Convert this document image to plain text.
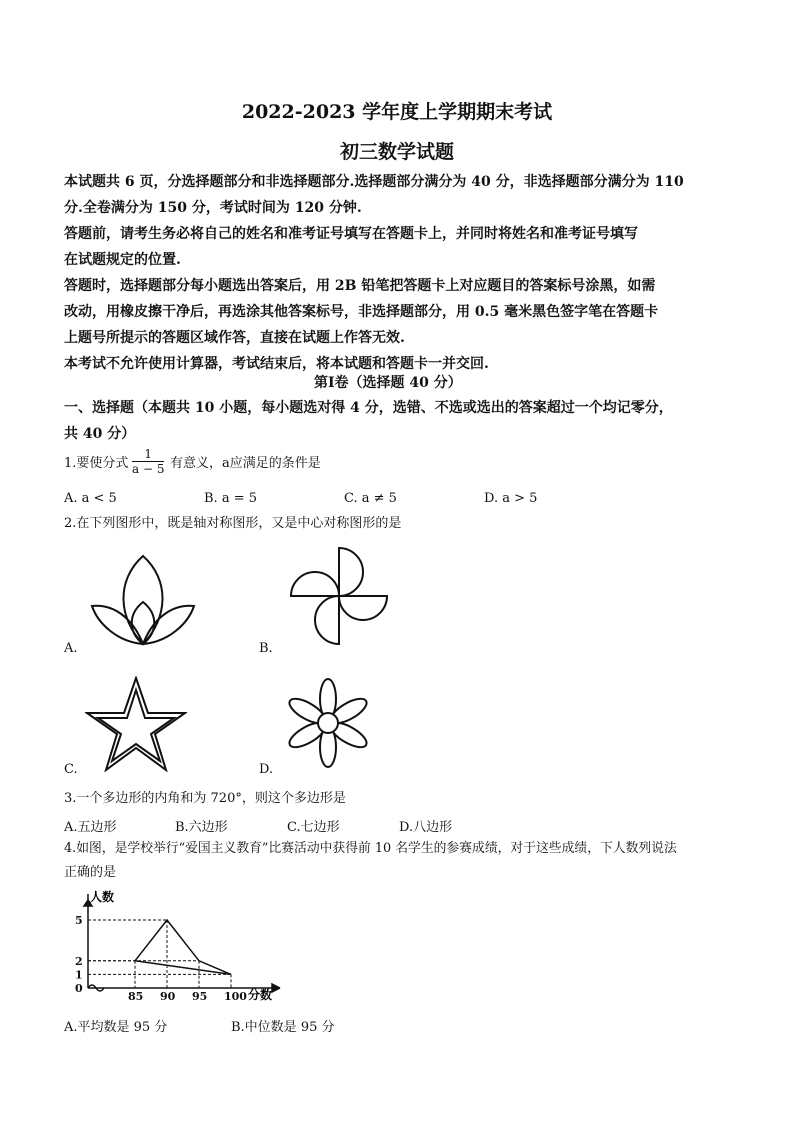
2022-2023 学年度上学期期末考试
初三数学试题
本试题共 6 页，分选择题部分和非选择题部分.选择题部分满分为 40 分，非选择题部分满分为 110
分.全卷满分为 150 分，考试时间为 120 分钟.
答题前，请考生务必将自己的姓名和准考证号填写在答题卡上，并同时将姓名和准考证号填写
在试题规定的位置.
答题时，选择题部分每小题选出答案后，用 2B 铅笔把答题卡上对应题目的答案标号涂黑，如需
改动，用橡皮擦干净后，再选涂其他答案标号，非选择题部分，用 0.5 毫米黑色签字笔在答题卡
上题号所提示的答题区域作答，直接在试题上作答无效.
本考试不允许使用计算器，考试结束后，将本试题和答题卡一并交回.
第Ⅰ卷（选择题 40 分）
一、选择题（本题共 10 小题，每小题选对得 4 分，选错、不选或选出的答案超过一个均记零分，
共 40 分）
1.要使分式 $\frac{1}{a - 5}$ 有意义，a应满足的条件是
A. a < 5	B. a = 5	C. a ≠ 5	D. a > 5
2.在下列图形中，既是轴对称图形，又是中心对称图形的是
A.	B.
C.	D.
3.一个多边形的内角和为 720°，则这个多边形是
A.五边形	B.六边形	C.七边形	D.八边形
4.如图，是学校举行“爱国主义教育”比赛活动中获得前 10 名学生的参赛成绩，对于这些成绩，下人数列说法
正确的是
85 90 95 100
5
2
1
0
人数
分数
A.平均数是 95 分	B.中位数是 95 分
